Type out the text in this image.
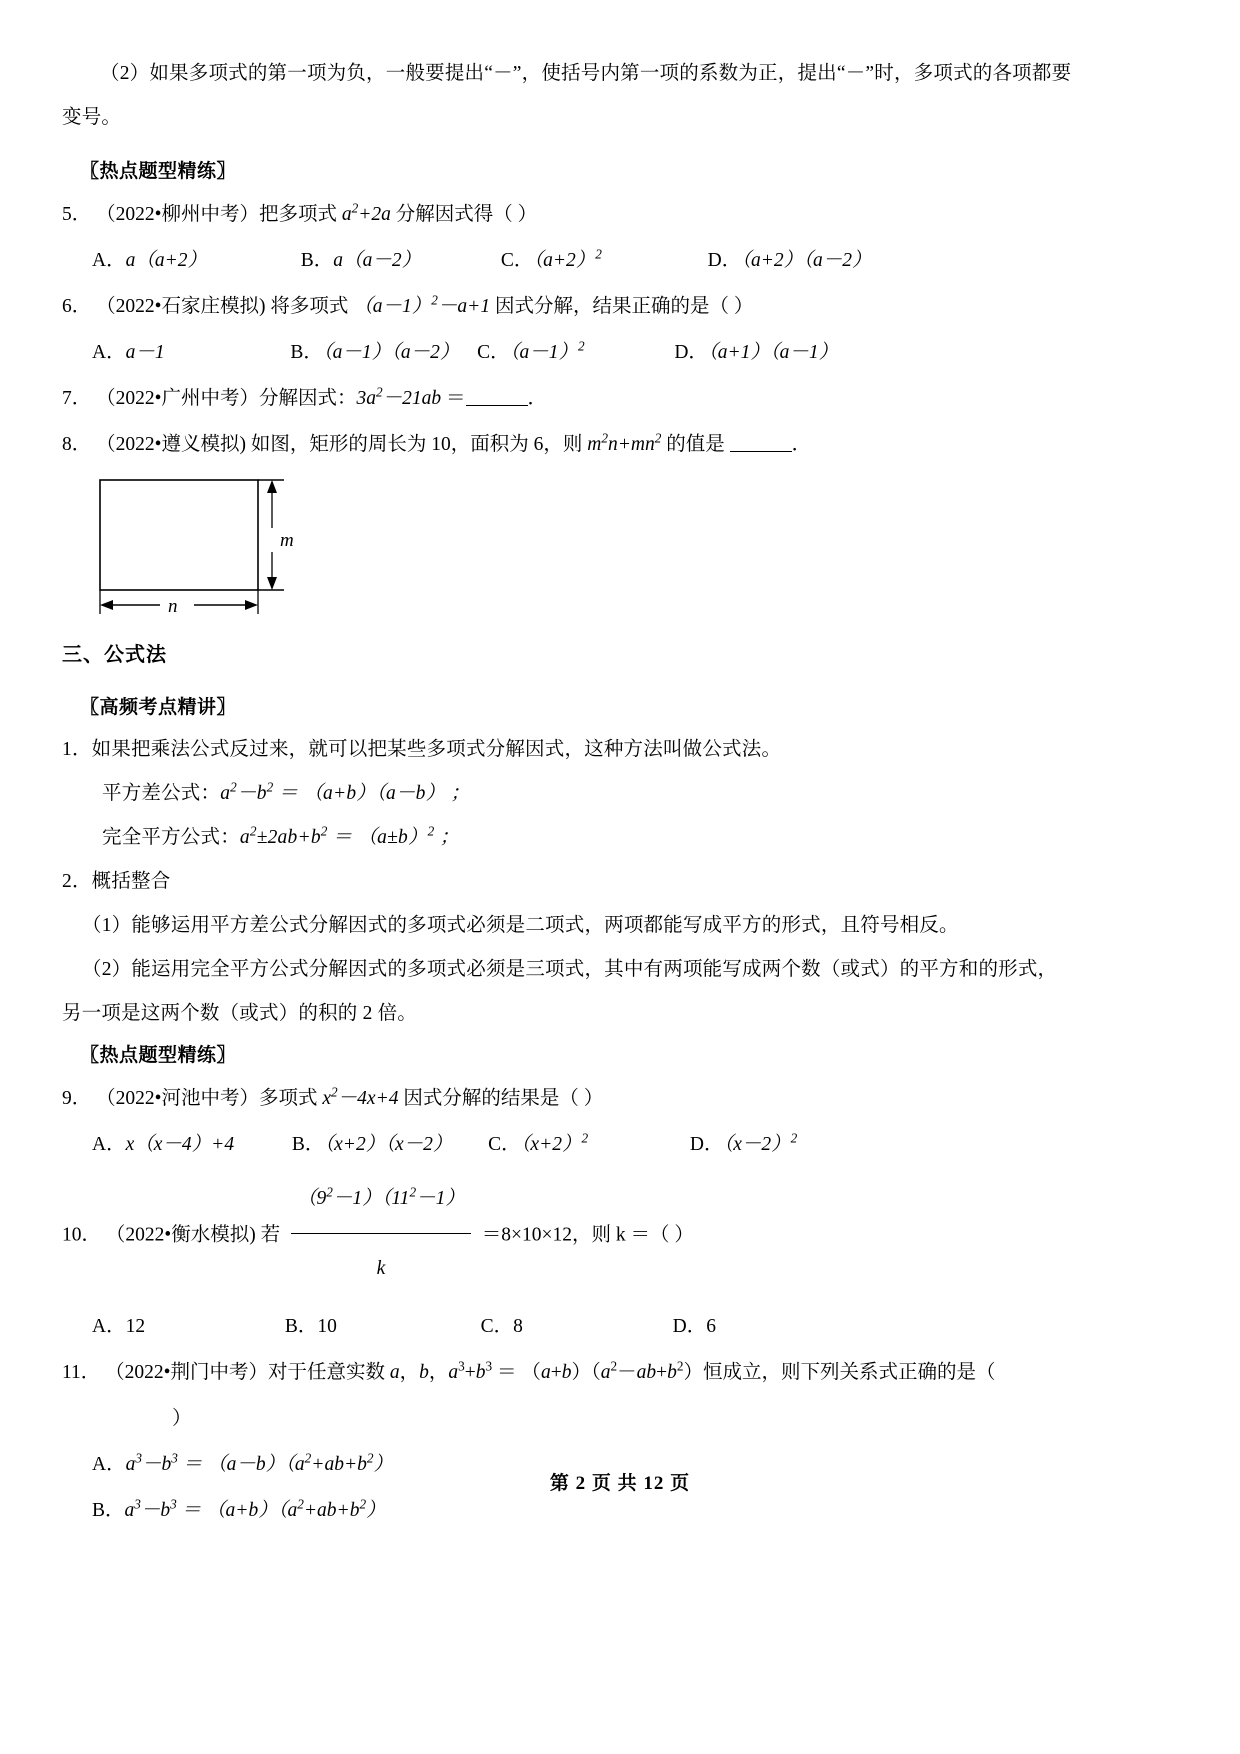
（2）如果多项式的第一项为负，一般要提出“－”，使括号内第一项的系数为正，提出“－”时，多项式的各项都要

变号。

〖热点题型精练〗

5． （2022•柳州中考）把多项式 $a^2+2a$ 分解因式得（ ）

A．a（a+2）	B．a（a－2）	C．$(a+2)^2$	D．（a+2）（a－2）

6． （2022•石家庄模拟) 将多项式 $(a-1)^2-a+1$ 因式分解，结果正确的是（ ）

A．a－1	B．（a－1）（a－2） C．$(a-1)^2$	D．（a+1）（a－1）

7． （2022•广州中考）分解因式：$3a^2-21ab$ ＝	．

8． （2022•遵义模拟) 如图，矩形的周长为 10，面积为 6，则 $m^2n+mn^2$ 的值是	．

m
n

三、公式法

〖高频考点精讲〗

1．如果把乘法公式反过来，就可以把某些多项式分解因式，这种方法叫做公式法。

平方差公式：$a^2-b^2 = (a+b)(a-b)$ ；

完全平方公式：$a^2\pm 2ab+b^2 = (a\pm b)^2$ ；

2．概括整合

（1）能够运用平方差公式分解因式的多项式必须是二项式，两项都能写成平方的形式，且符号相反。

（2）能运用完全平方公式分解因式的多项式必须是三项式，其中有两项能写成两个数（或式）的平方和的形式，

另一项是这两个数（或式）的积的 2 倍。

〖热点题型精练〗

9． （2022•河池中考）多项式 $x^2-4x+4$ 因式分解的结果是（ ）

A．x（x－4）+4	B．（x+2）（x－2） C．$(x+2)^2$	D．$(x-2)^2$

10． （2022•衡水模拟) 若 $\frac{(9^2-1)(11^2-1)}{k} =8\times 10\times 12$，则 k ＝（ ）

A．12	B．10	C．8	D．6

11． （2022•荆门中考）对于任意实数 a，b，$a^3+b^3 = (a+b)(a^2-ab+b^2)$恒成立，则下列关系式正确的是（

）

A．$a^3-b^3 = (a-b)(a^2+ab+b^2)$

B．$a^3-b^3 = (a+b)(a^2+ab+b^2)$

第 2 页 共 12 页
